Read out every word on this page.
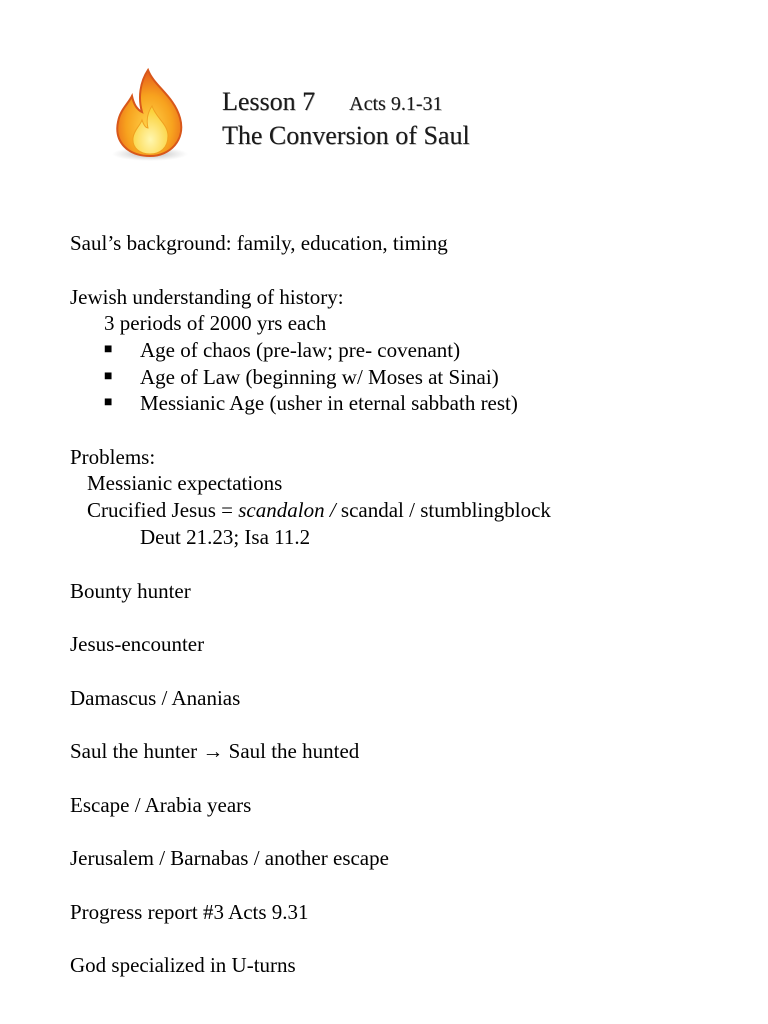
Lesson 7 Acts 9.1-31
The Conversion of Saul
Saul’s background: family, education, timing
Jewish understanding of history:
3 periods of 2000 yrs each
■ Age of chaos (pre-law; pre- covenant)
■ Age of Law (beginning w/ Moses at Sinai)
■ Messianic Age (usher in eternal sabbath rest)
Problems:
Messianic expectations
Crucified Jesus = scandalon / scandal / stumblingblock
Deut 21.23; Isa 11.2
Bounty hunter
Jesus-encounter
Damascus / Ananias
Saul the hunter → Saul the hunted
Escape / Arabia years
Jerusalem / Barnabas / another escape
Progress report #3 Acts 9.31
God specialized in U-turns
